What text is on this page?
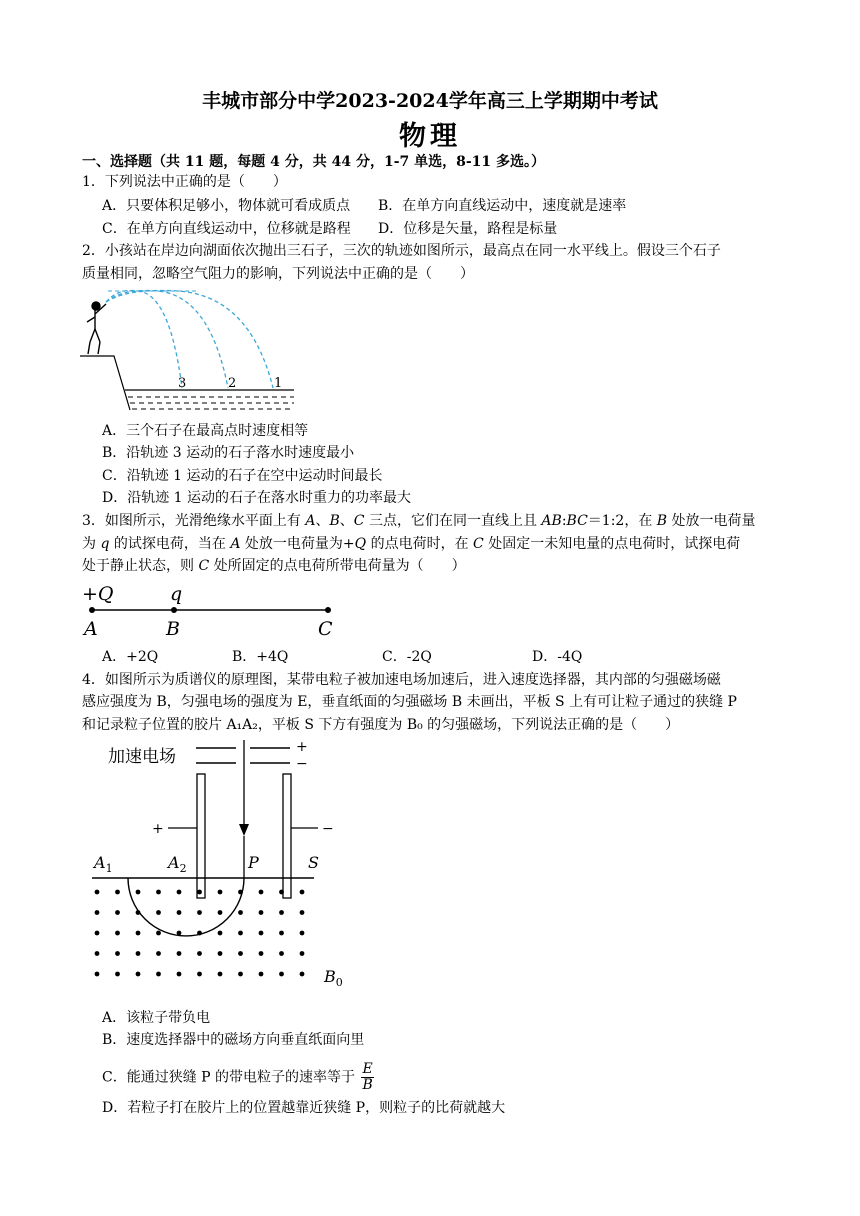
丰城市部分中学2023-2024学年高三上学期期中考试
物理
一、选择题（共 11 题，每题 4 分，共 44 分，1-7 单选，8-11 多选。）
1．下列说法中正确的是（　　）
A．只要体积足够小，物体就可看成质点 B．在单方向直线运动中，速度就是速率
C．在单方向直线运动中，位移就是路程 D．位移是矢量，路程是标量
2．小孩站在岸边向湖面依次抛出三石子，三次的轨迹如图所示，最高点在同一水平线上。假设三个石子
质量相同，忽略空气阻力的影响，下列说法中正确的是（　　）
3	2	1
A．三个石子在最高点时速度相等
B．沿轨迹 3 运动的石子落水时速度最小
C．沿轨迹 1 运动的石子在空中运动时间最长
D．沿轨迹 1 运动的石子在落水时重力的功率最大
3．如图所示，光滑绝缘水平面上有 A、B、C 三点，它们在同一直线上且 AB:BC＝1:2，在 B 处放一电荷量
为 q 的试探电荷，当在 A 处放一电荷量为+Q 的点电荷时，在 C 处固定一未知电量的点电荷时，试探电荷
处于静止状态，则 C 处所固定的点电荷所带电荷量为（　　）
+Q	q
A	B	C
A．+2Q	B．+4Q	C．-2Q	D．-4Q
4．如图所示为质谱仪的原理图，某带电粒子被加速电场加速后，进入速度选择器，其内部的匀强磁场磁
感应强度为 B，匀强电场的强度为 E，垂直纸面的匀强磁场 B 未画出，平板 S 上有可让粒子通过的狭缝 P
和记录粒子位置的胶片 A₁A₂，平板 S 下方有强度为 B₀ 的匀强磁场，下列说法正确的是（　　）
加速电场	+
−
+	−
$A_1$	$A_2$	P	S
$B_0$
A．该粒子带负电
B．速度选择器中的磁场方向垂直纸面向里
C．能通过狭缝 P 的带电粒子的速率等于 $\frac{E}{B}$
D．若粒子打在胶片上的位置越靠近狭缝 P，则粒子的比荷就越大
